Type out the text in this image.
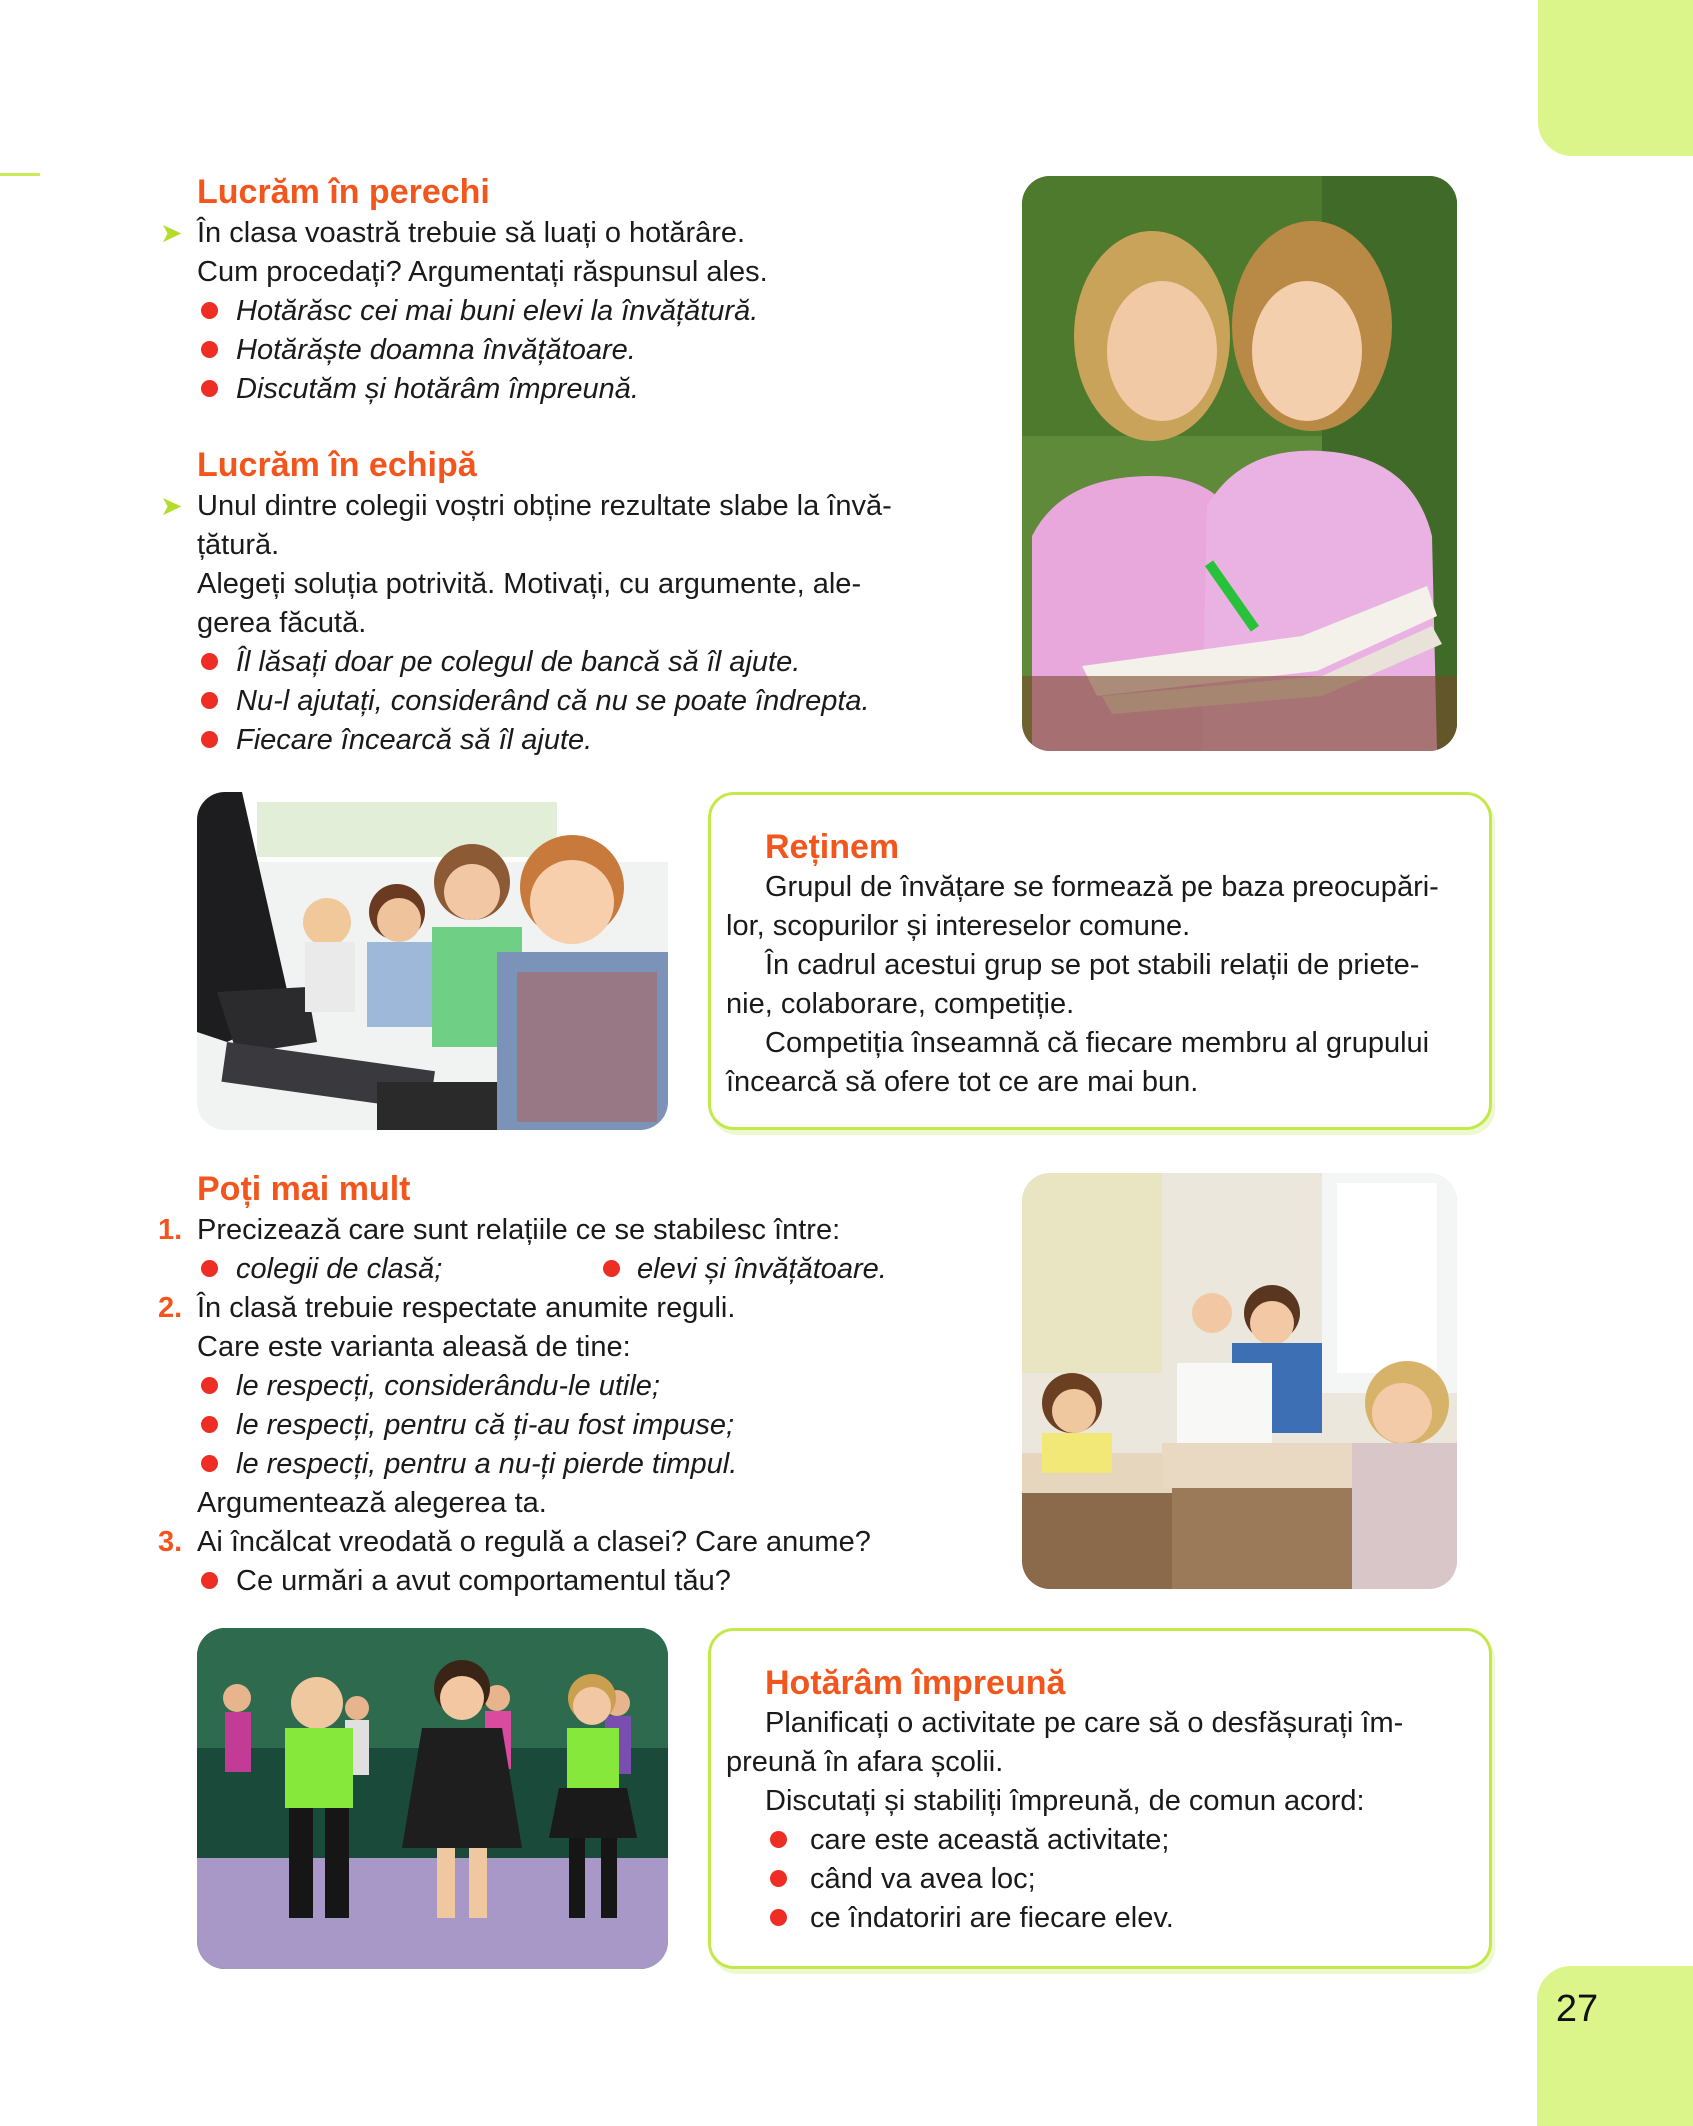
27
Lucrăm în perechi
➤ În clasa voastră trebuie să luați o hotărâre.
Cum procedați? Argumentați răspunsul ales.
Hotărăsc cei mai buni elevi la învățătură.
Hotărăște doamna învățătoare.
Discutăm și hotărâm împreună.
Lucrăm în echipă
➤ Unul dintre colegii voștri obține rezultate slabe la învă-
țătură.
Alegeți soluția potrivită. Motivați, cu argumente, ale-
gerea făcută.
Îl lăsați doar pe colegul de bancă să îl ajute.
Nu-l ajutați, considerând că nu se poate îndrepta.
Fiecare încearcă să îl ajute.
Reținem
Grupul de învățare se formează pe baza preocupări-
lor, scopurilor și intereselor comune.
În cadrul acestui grup se pot stabili relații de priete-
nie, colaborare, competiție.
Competiția înseamnă că fiecare membru al grupului
încearcă să ofere tot ce are mai bun.
Poți mai mult
1. Precizează care sunt relațiile ce se stabilesc între:
colegii de clasă;	elevi și învățătoare.
2. În clasă trebuie respectate anumite reguli.
Care este varianta aleasă de tine:
le respecți, considerându-le utile;
le respecți, pentru că ți-au fost impuse;
le respecți, pentru a nu-ți pierde timpul.
Argumentează alegerea ta.
3. Ai încălcat vreodată o regulă a clasei? Care anume?
Ce urmări a avut comportamentul tău?
Hotărâm împreună
Planificați o activitate pe care să o desfășurați îm-
preună în afara școlii.
Discutați și stabiliți împreună, de comun acord:
care este această activitate;
când va avea loc;
ce îndatoriri are fiecare elev.
